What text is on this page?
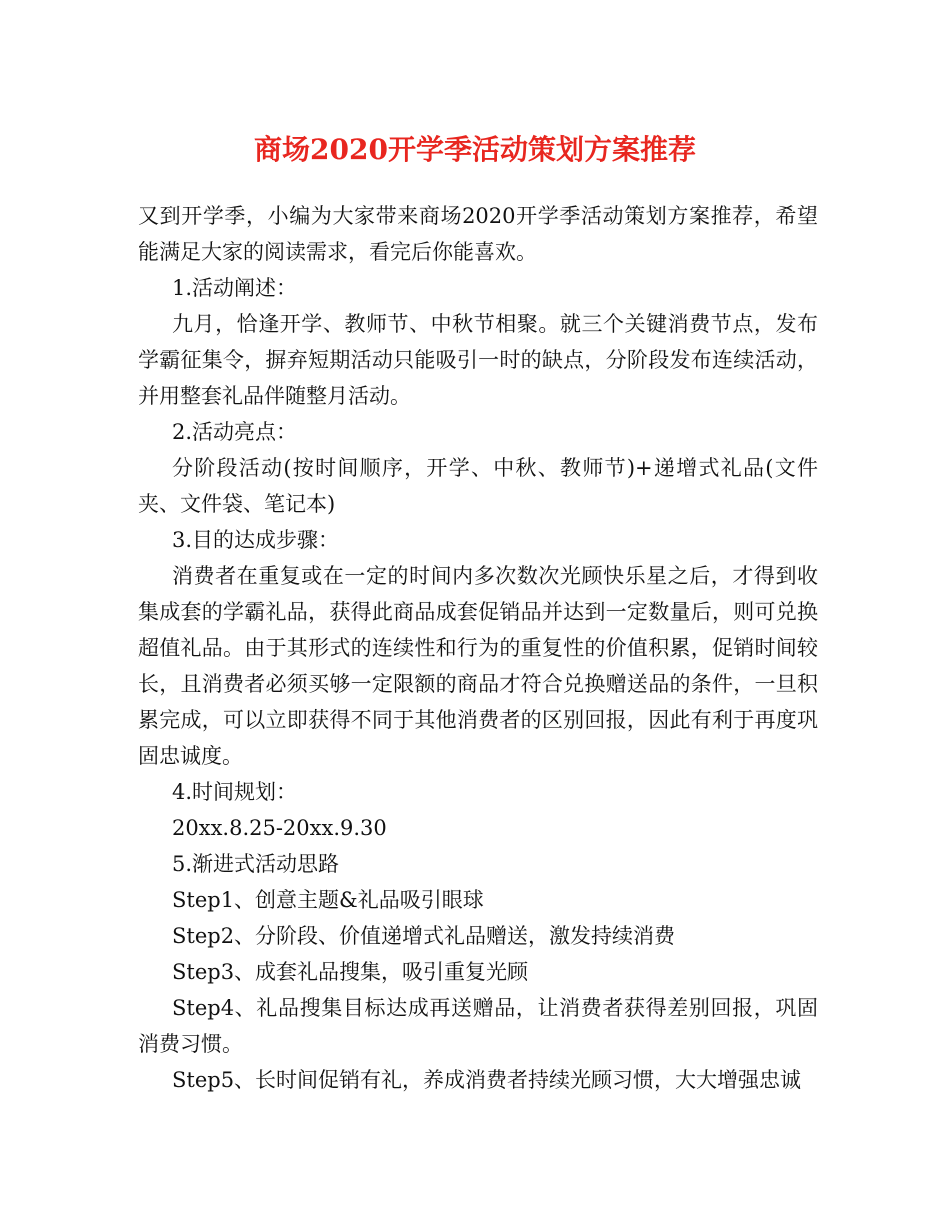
商场2020开学季活动策划方案推荐

又到开学季，小编为大家带来商场2020开学季活动策划方案推荐，希望能满足大家的阅读需求，看完后你能喜欢。

1.活动阐述：

九月，恰逢开学、教师节、中秋节相聚。就三个关键消费节点，发布学霸征集令，摒弃短期活动只能吸引一时的缺点，分阶段发布连续活动，并用整套礼品伴随整月活动。

2.活动亮点：

分阶段活动(按时间顺序，开学、中秋、教师节)+递增式礼品(文件夹、文件袋、笔记本)

3.目的达成步骤：

消费者在重复或在一定的时间内多次数次光顾快乐星之后，才得到收集成套的学霸礼品，获得此商品成套促销品并达到一定数量后，则可兑换超值礼品。由于其形式的连续性和行为的重复性的价值积累，促销时间较长，且消费者必须买够一定限额的商品才符合兑换赠送品的条件，一旦积累完成，可以立即获得不同于其他消费者的区别回报，因此有利于再度巩固忠诚度。

4.时间规划：

20xx.8.25-20xx.9.30

5.渐进式活动思路

Step1、创意主题&礼品吸引眼球

Step2、分阶段、价值递增式礼品赠送，激发持续消费

Step3、成套礼品搜集，吸引重复光顾

Step4、礼品搜集目标达成再送赠品，让消费者获得差别回报，巩固消费习惯。

Step5、长时间促销有礼，养成消费者持续光顾习惯，大大增强忠诚
